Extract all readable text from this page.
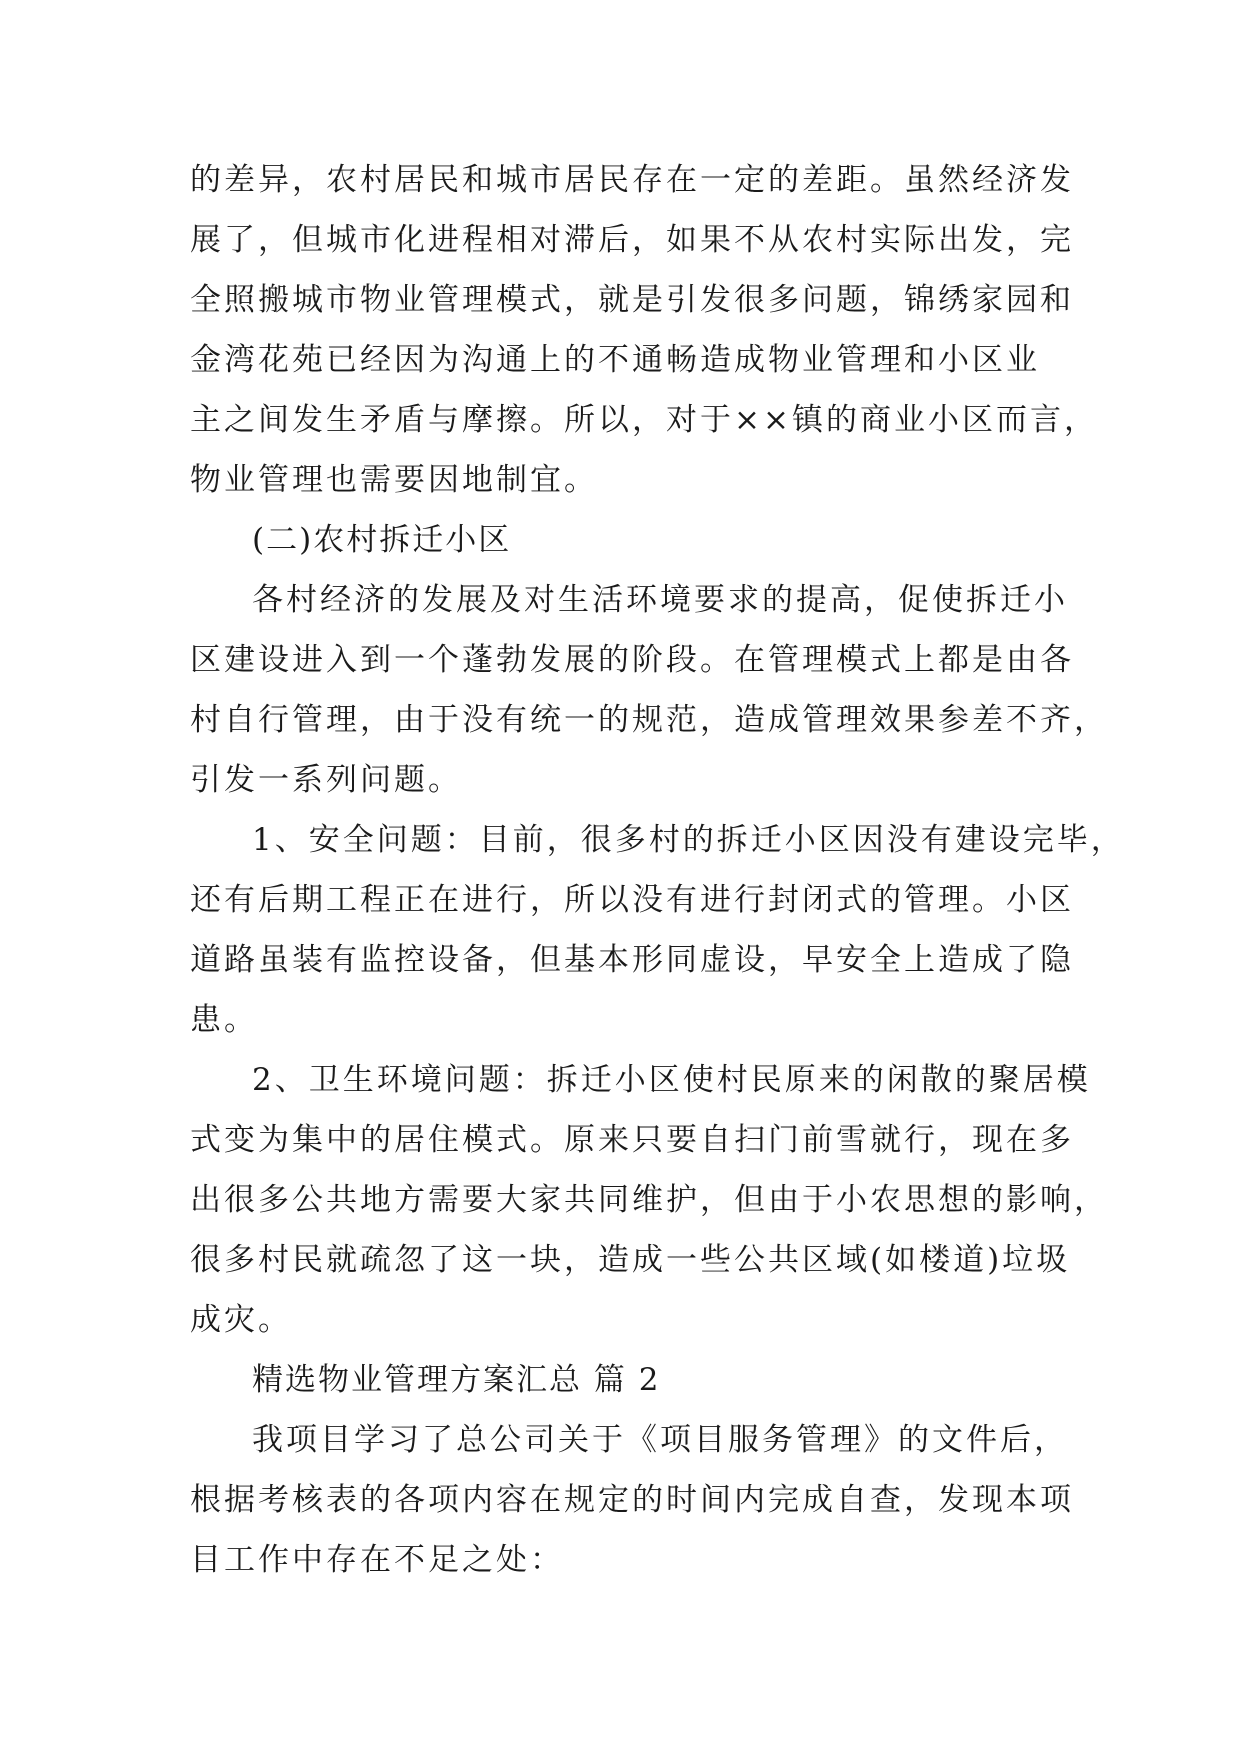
的差异，农村居民和城市居民存在一定的差距。虽然经济发
展了，但城市化进程相对滞后，如果不从农村实际出发，完
全照搬城市物业管理模式，就是引发很多问题，锦绣家园和
金湾花苑已经因为沟通上的不通畅造成物业管理和小区业
主之间发生矛盾与摩擦。所以，对于××镇的商业小区而言，
物业管理也需要因地制宜。
(二)农村拆迁小区
各村经济的发展及对生活环境要求的提高，促使拆迁小
区建设进入到一个蓬勃发展的阶段。在管理模式上都是由各
村自行管理，由于没有统一的规范，造成管理效果参差不齐，
引发一系列问题。
1、安全问题：目前，很多村的拆迁小区因没有建设完毕，
还有后期工程正在进行，所以没有进行封闭式的管理。小区
道路虽装有监控设备，但基本形同虚设，早安全上造成了隐
患。
2、卫生环境问题：拆迁小区使村民原来的闲散的聚居模
式变为集中的居住模式。原来只要自扫门前雪就行，现在多
出很多公共地方需要大家共同维护，但由于小农思想的影响，
很多村民就疏忽了这一块，造成一些公共区域(如楼道)垃圾
成灾。
精选物业管理方案汇总 篇 2
我项目学习了总公司关于《项目服务管理》的文件后，
根据考核表的各项内容在规定的时间内完成自查，发现本项
目工作中存在不足之处：
